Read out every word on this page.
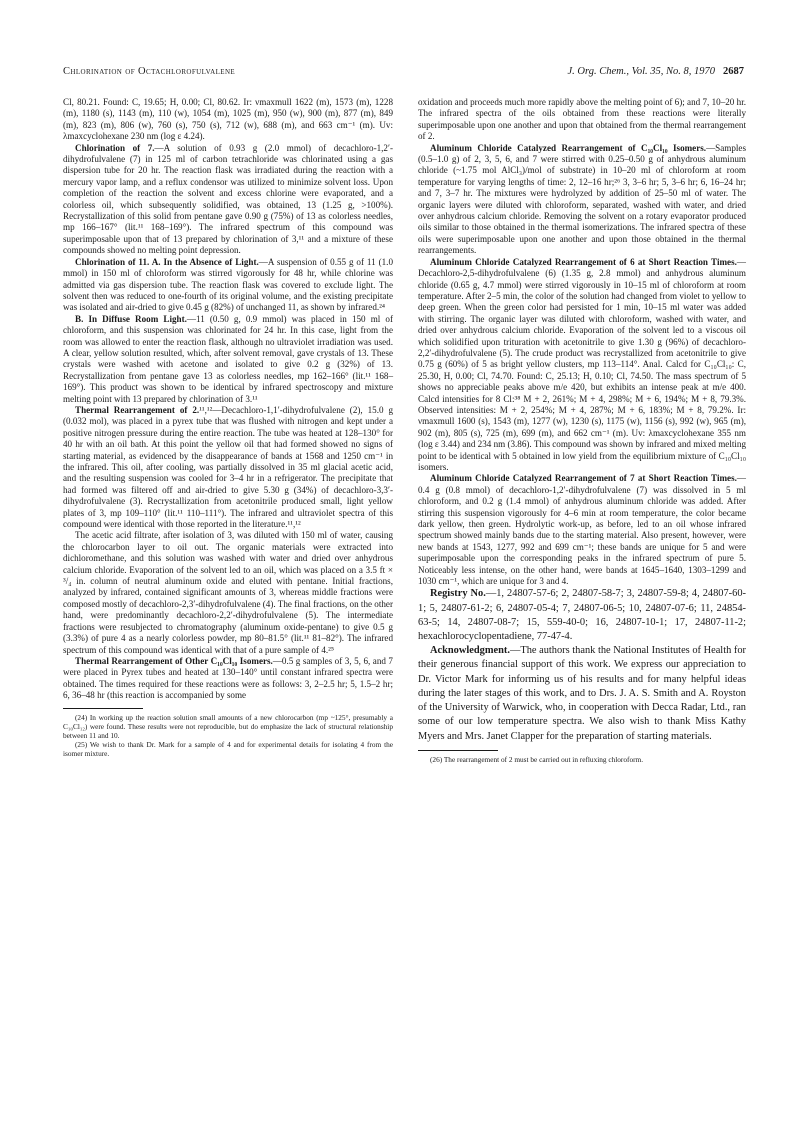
Chlorination of Octachlorofulvalene	J. Org. Chem., Vol. 35, No. 8, 1970 2687

Cl, 80.21. Found: C, 19.65; H, 0.00; Cl, 80.62. Ir: νmaxmull 1622 (m), 1573 (m), 1228 (m), 1180 (s), 1143 (m), 110 (w), 1054 (m), 1025 (m), 950 (w), 900 (m), 877 (m), 849 (m), 823 (m), 806 (w), 760 (s), 750 (s), 712 (w), 688 (m), and 663 cm⁻¹ (m). Uv: λmaxcyclohexane 230 nm (log ε 4.24).

Chlorination of 7.—A solution of 0.93 g (2.0 mmol) of decachloro-1,2′-dihydrofulvalene (7) in 125 ml of carbon tetrachloride was chlorinated using a gas dispersion tube for 20 hr. The reaction flask was irradiated during the reaction with a mercury vapor lamp, and a reflux condensor was utilized to minimize solvent loss. Upon completion of the reaction the solvent and excess chlorine were evaporated, and a colorless oil, which subsequently solidified, was obtained, 13 (1.25 g, >100%). Recrystallization of this solid from pentane gave 0.90 g (75%) of 13 as colorless needles, mp 166–167° (lit.¹¹ 168–169°). The infrared spectrum of this compound was superimposable upon that of 13 prepared by chlorination of 3,¹¹ and a mixture of these compounds showed no melting point depression.

Chlorination of 11. A. In the Absence of Light.—A suspension of 0.55 g of 11 (1.0 mmol) in 150 ml of chloroform was stirred vigorously for 48 hr, while chlorine was admitted via gas dispersion tube. The reaction flask was covered to exclude light. The solvent then was reduced to one-fourth of its original volume, and the existing precipitate was isolated and air-dried to give 0.45 g (82%) of unchanged 11, as shown by infrared.²⁴

B. In Diffuse Room Light.—11 (0.50 g, 0.9 mmol) was placed in 150 ml of chloroform, and this suspension was chlorinated for 24 hr. In this case, light from the room was allowed to enter the reaction flask, although no ultraviolet irradiation was used. A clear, yellow solution resulted, which, after solvent removal, gave crystals of 13. These crystals were washed with acetone and isolated to give 0.2 g (32%) of 13. Recrystallization from pentane gave 13 as colorless needles, mp 162–166° (lit.¹¹ 168–169°). This product was shown to be identical by infrared spectroscopy and mixture melting point with 13 prepared by chlorination of 3.¹¹

Thermal Rearrangement of 2.¹¹,¹²—Decachloro-1,1′-dihydrofulvalene (2), 15.0 g (0.032 mol), was placed in a pyrex tube that was flushed with nitrogen and kept under a positive nitrogen pressure during the entire reaction. The tube was heated at 128–130° for 40 hr with an oil bath. At this point the yellow oil that had formed showed no signs of starting material, as evidenced by the disappearance of bands at 1568 and 1250 cm⁻¹ in the infrared. This oil, after cooling, was partially dissolved in 35 ml glacial acetic acid, and the resulting suspension was cooled for 3–4 hr in a refrigerator. The precipitate that had formed was filtered off and air-dried to give 5.30 g (34%) of decachloro-3,3′-dihydrofulvalene (3). Recrystallization from acetonitrile produced small, light yellow plates of 3, mp 109–110° (lit.¹¹ 110–111°). The infrared and ultraviolet spectra of this compound were identical with those reported in the literature.¹¹,¹²

The acetic acid filtrate, after isolation of 3, was diluted with 150 ml of water, causing the chlorocarbon layer to oil out. The organic materials were extracted into dichloromethane, and this solution was washed with water and dried over anhydrous calcium chloride. Evaporation of the solvent led to an oil, which was placed on a 3.5 ft × ³/₄ in. column of neutral aluminum oxide and eluted with pentane. Initial fractions, analyzed by infrared, contained significant amounts of 3, whereas middle fractions were composed mostly of decachloro-2,3′-dihydrofulvalene (4). The final fractions, on the other hand, were predominantly decachloro-2,2′-dihydrofulvalene (5). The intermediate fractions were resubjected to chromatography (aluminum oxide-pentane) to give 0.5 g (3.3%) of pure 4 as a nearly colorless powder, mp 80–81.5° (lit.¹¹ 81–82°). The infrared spectrum of this compound was identical with that of a pure sample of 4.²⁵

Thermal Rearrangement of Other C₁₀Cl₁₀ Isomers.—0.5 g samples of 3, 5, 6, and 7 were placed in Pyrex tubes and heated at 130–140° until constant infrared spectra were obtained. The times required for these reactions were as follows: 3, 2–2.5 hr; 5, 1.5–2 hr; 6, 36–48 hr (this reaction is accompanied by some

(24) In working up the reaction solution small amounts of a new chlorocarbon (mp ~125°, presumably a C₁₀Cl₁₂) were found. These results were not reproducible, but do emphasize the lack of structural relationship between 11 and 10.

(25) We wish to thank Dr. Mark for a sample of 4 and for experimental details for isolating 4 from the isomer mixture.

oxidation and proceeds much more rapidly above the melting point of 6); and 7, 10–20 hr. The infrared spectra of the oils obtained from these reactions were literally superimposable upon one another and upon that obtained from the thermal rearrangement of 2.

Aluminum Chloride Catalyzed Rearrangement of C₁₀Cl₁₀ Isomers.—Samples (0.5–1.0 g) of 2, 3, 5, 6, and 7 were stirred with 0.25–0.50 g of anhydrous aluminum chloride (~1.75 mol AlCl₃)/mol of substrate) in 10–20 ml of chloroform at room temperature for varying lengths of time: 2, 12–16 hr;²⁶ 3, 3–6 hr; 5, 3–6 hr; 6, 16–24 hr; and 7, 3–7 hr. The mixtures were hydrolyzed by addition of 25–50 ml of water. The organic layers were diluted with chloroform, separated, washed with water, and dried over anhydrous calcium chloride. Removing the solvent on a rotary evaporator produced oils similar to those obtained in the thermal isomerizations. The infrared spectra of these oils were superimposable upon one another and upon those obtained in the thermal rearrangements.

Aluminum Chloride Catalyzed Rearrangement of 6 at Short Reaction Times.—Decachloro-2,5-dihydrofulvalene (6) (1.35 g, 2.8 mmol) and anhydrous aluminum chloride (0.65 g, 4.7 mmol) were stirred vigorously in 10–15 ml of chloroform at room temperature. After 2–5 min, the color of the solution had changed from violet to yellow to deep green. When the green color had persisted for 1 min, 10–15 ml water was added with stirring. The organic layer was diluted with chloroform, washed with water, and dried over anhydrous calcium chloride. Evaporation of the solvent led to a viscous oil which solidified upon trituration with acetonitrile to give 1.30 g (96%) of decachloro-2,2′-dihydrofulvalene (5). The crude product was recrystallized from acetonitrile to give 0.75 g (60%) of 5 as bright yellow clusters, mp 113–114°. Anal. Calcd for C₁₀Cl₁₀: C, 25.30, H, 0.00; Cl, 74.70. Found: C, 25.13; H, 0.10; Cl, 74.50. The mass spectrum of 5 shows no appreciable peaks above m/e 420, but exhibits an intense peak at m/e 400. Calcd intensities for 8 Cl:³⁸ M + 2, 261%; M + 4, 298%; M + 6, 194%; M + 8, 79.3%. Observed intensities: M + 2, 254%; M + 4, 287%; M + 6, 183%; M + 8, 79.2%. Ir: νmaxmull 1600 (s), 1543 (m), 1277 (w), 1230 (s), 1175 (w), 1156 (s), 992 (w), 965 (m), 902 (m), 805 (s), 725 (m), 699 (m), and 662 cm⁻¹ (m). Uv: λmaxcyclohexane 355 nm (log ε 3.44) and 234 nm (3.86). This compound was shown by infrared and mixed melting point to be identical with 5 obtained in low yield from the equilibrium mixture of C₁₀Cl₁₀ isomers.

Aluminum Chloride Catalyzed Rearrangement of 7 at Short Reaction Times.—0.4 g (0.8 mmol) of decachloro-1,2′-dihydrofulvalene (7) was dissolved in 5 ml chloroform, and 0.2 g (1.4 mmol) of anhydrous aluminum chloride was added. After stirring this suspension vigorously for 4–6 min at room temperature, the color became dark yellow, then green. Hydrolytic work-up, as before, led to an oil whose infrared spectrum showed mainly bands due to the starting material. Also present, however, were new bands at 1543, 1277, 992 and 699 cm⁻¹; these bands are unique for 5 and were superimposable upon the corresponding peaks in the infrared spectrum of pure 5. Noticeably less intense, on the other hand, were bands at 1645–1640, 1303–1299 and 1030 cm⁻¹, which are unique for 3 and 4.

Registry No.—1, 24807-57-6; 2, 24807-58-7; 3, 24807-59-8; 4, 24807-60-1; 5, 24807-61-2; 6, 24807-05-4; 7, 24807-06-5; 10, 24807-07-6; 11, 24854-63-5; 14, 24807-08-7; 15, 559-40-0; 16, 24807-10-1; 17, 24807-11-2; hexachlorocyclopentadiene, 77-47-4.

Acknowledgment.—The authors thank the National Institutes of Health for their generous financial support of this work. We express our appreciation to Dr. Victor Mark for informing us of his results and for many helpful ideas during the later stages of this work, and to Drs. J. A. S. Smith and A. Royston of the University of Warwick, who, in cooperation with Decca Radar, Ltd., ran some of our low temperature spectra. We also wish to thank Miss Kathy Myers and Mrs. Janet Clapper for the preparation of starting materials.

(26) The rearrangement of 2 must be carried out in refluxing chloroform.
